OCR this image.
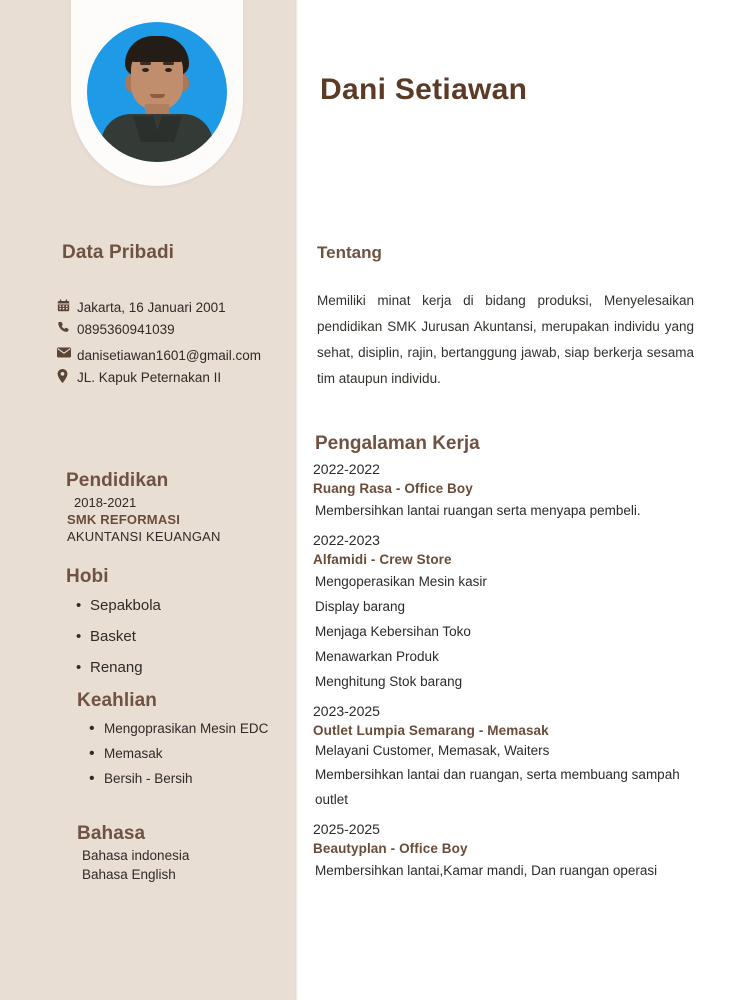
Data Pribadi
Jakarta, 16 Januari 2001
0895360941039
danisetiawan1601@gmail.com
JL. Kapuk Peternakan II
Pendidikan
2018-2021
SMK REFORMASI
AKUNTANSI KEUANGAN
Hobi
• Sepakbola
• Basket
• Renang
Keahlian
• Mengoprasikan Mesin EDC
• Memasak
• Bersih - Bersih
Bahasa
Bahasa indonesia
Bahasa English
Dani Setiawan
Tentang
Memiliki minat kerja di bidang produksi, Menyelesaikan pendidikan SMK Jurusan Akuntansi, merupakan individu yang sehat, disiplin, rajin, bertanggung jawab, siap berkerja sesama tim ataupun individu.
Pengalaman Kerja
2022-2022
Ruang Rasa - Office Boy
Membersihkan lantai ruangan serta menyapa pembeli.
2022-2023
Alfamidi - Crew Store
Mengoperasikan Mesin kasir
Display barang
Menjaga Kebersihan Toko
Menawarkan Produk
Menghitung Stok barang
2023-2025
Outlet Lumpia Semarang - Memasak
Melayani Customer, Memasak, Waiters
Membersihkan lantai dan ruangan, serta membuang sampah outlet
2025-2025
Beautyplan - Office Boy
Membersihkan lantai,Kamar mandi, Dan ruangan operasi
